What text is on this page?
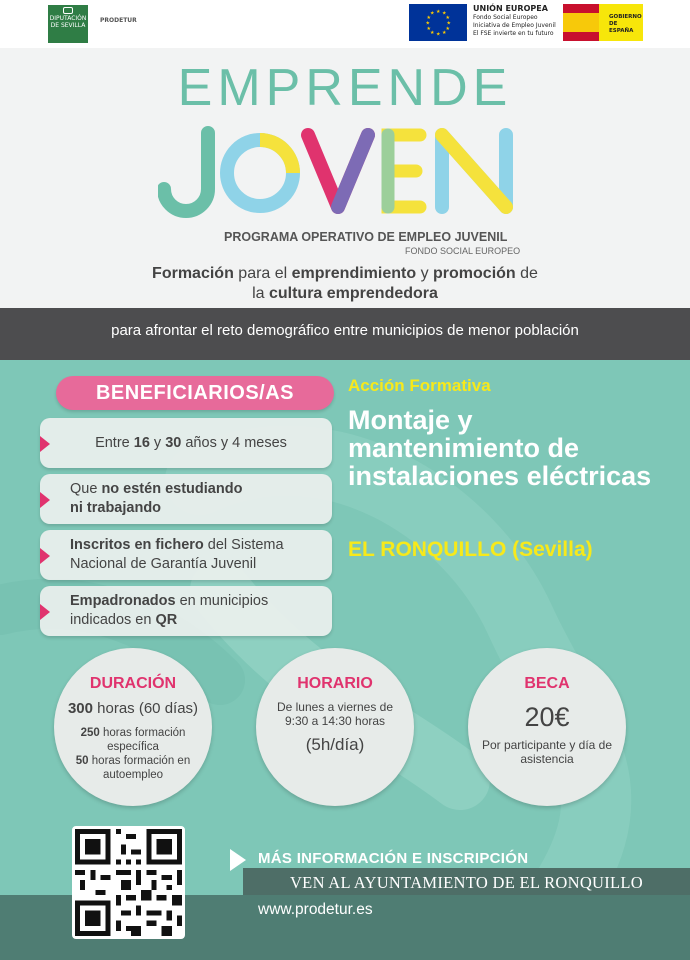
DIPUTACIÓN DE SEVILLA
PRODETUR
★ ★
★
★
★
★
★
★
★
★
★
★
UNIÓN EUROPEA
Fondo Social Europeo
Iniciativa de Empleo Juvenil
El FSE invierte en tu futuro
GOBIERNO DE ESPAÑA
EMPRENDE
JOVEN
PROGRAMA OPERATIVO DE EMPLEO JUVENIL
FONDO SOCIAL EUROPEO
Formación para el emprendimiento y promoción de
la cultura emprendedora
para afrontar el reto demográfico entre municipios de menor población
BENEFICIARIOS/AS
Entre 16 y 30 años y 4 meses
Que no estén estudiando
ni trabajando
Inscritos en fichero del Sistema
Nacional de Garantía Juvenil
Empadronados en municipios
indicados en QR
Acción Formativa
Montaje y mantenimiento de instalaciones eléctricas
EL RONQUILLO (Sevilla)
DURACIÓN
300 horas (60 días)
250 horas formación específica
50 horas formación en autoempleo
HORARIO
De lunes a viernes de 9:30 a 14:30 horas
(5h/día)
BECA
20€
Por participante y día de asistencia
MÁS INFORMACIÓN E INSCRIPCIÓN
VEN AL AYUNTAMIENTO DE EL RONQUILLO
www.prodetur.es
